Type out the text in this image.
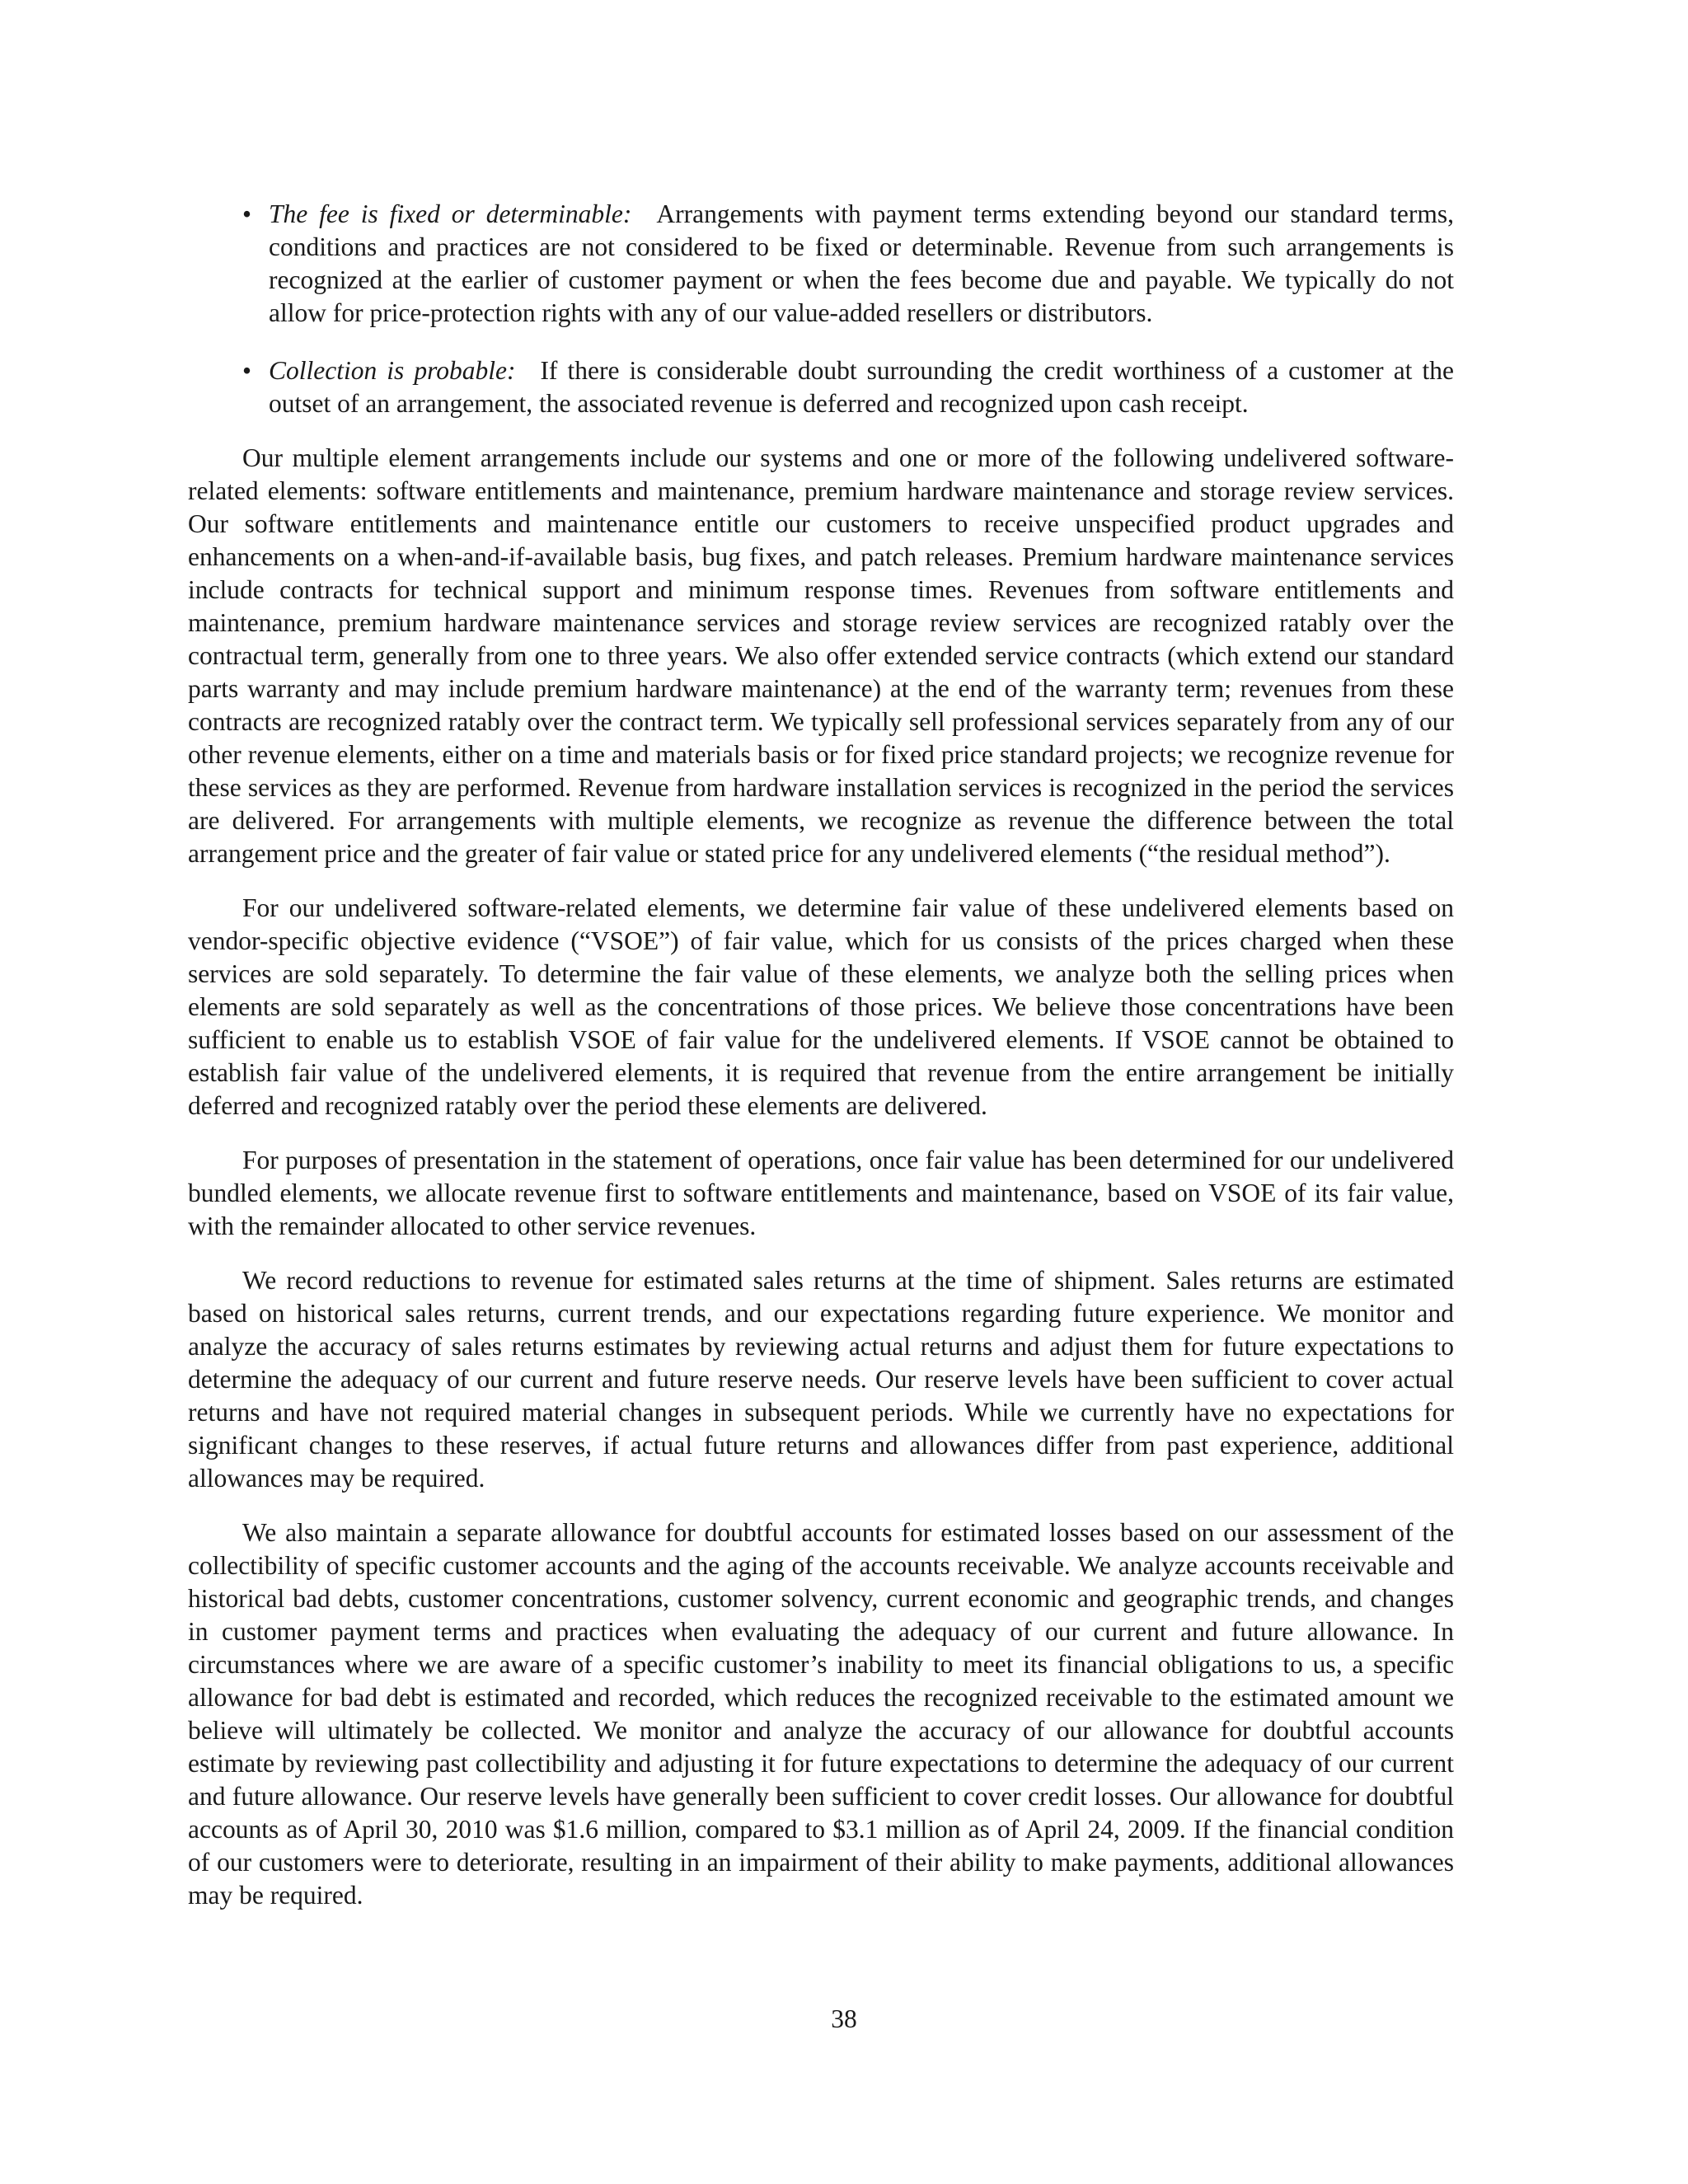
• The fee is fixed or determinable: Arrangements with payment terms extending beyond our standard terms, conditions and practices are not considered to be fixed or determinable. Revenue from such arrangements is recognized at the earlier of customer payment or when the fees become due and payable. We typically do not allow for price-protection rights with any of our value-added resellers or distributors.
• Collection is probable: If there is considerable doubt surrounding the credit worthiness of a customer at the outset of an arrangement, the associated revenue is deferred and recognized upon cash receipt.

Our multiple element arrangements include our systems and one or more of the following undelivered software-related elements: software entitlements and maintenance, premium hardware maintenance and storage review services. Our software entitlements and maintenance entitle our customers to receive unspecified product upgrades and enhancements on a when-and-if-available basis, bug fixes, and patch releases. Premium hardware maintenance services include contracts for technical support and minimum response times. Revenues from software entitlements and maintenance, premium hardware maintenance services and storage review services are recognized ratably over the contractual term, generally from one to three years. We also offer extended service contracts (which extend our standard parts warranty and may include premium hardware maintenance) at the end of the warranty term; revenues from these contracts are recognized ratably over the contract term. We typically sell professional services separately from any of our other revenue elements, either on a time and materials basis or for fixed price standard projects; we recognize revenue for these services as they are performed. Revenue from hardware installation services is recognized in the period the services are delivered. For arrangements with multiple elements, we recognize as revenue the difference between the total arrangement price and the greater of fair value or stated price for any undelivered elements (“the residual method”).

For our undelivered software-related elements, we determine fair value of these undelivered elements based on vendor-specific objective evidence (“VSOE”) of fair value, which for us consists of the prices charged when these services are sold separately. To determine the fair value of these elements, we analyze both the selling prices when elements are sold separately as well as the concentrations of those prices. We believe those concentrations have been sufficient to enable us to establish VSOE of fair value for the undelivered elements. If VSOE cannot be obtained to establish fair value of the undelivered elements, it is required that revenue from the entire arrangement be initially deferred and recognized ratably over the period these elements are delivered.

For purposes of presentation in the statement of operations, once fair value has been determined for our undelivered bundled elements, we allocate revenue first to software entitlements and maintenance, based on VSOE of its fair value, with the remainder allocated to other service revenues.

We record reductions to revenue for estimated sales returns at the time of shipment. Sales returns are estimated based on historical sales returns, current trends, and our expectations regarding future experience. We monitor and analyze the accuracy of sales returns estimates by reviewing actual returns and adjust them for future expectations to determine the adequacy of our current and future reserve needs. Our reserve levels have been sufficient to cover actual returns and have not required material changes in subsequent periods. While we currently have no expectations for significant changes to these reserves, if actual future returns and allowances differ from past experience, additional allowances may be required.

We also maintain a separate allowance for doubtful accounts for estimated losses based on our assessment of the collectibility of specific customer accounts and the aging of the accounts receivable. We analyze accounts receivable and historical bad debts, customer concentrations, customer solvency, current economic and geographic trends, and changes in customer payment terms and practices when evaluating the adequacy of our current and future allowance. In circumstances where we are aware of a specific customer’s inability to meet its financial obligations to us, a specific allowance for bad debt is estimated and recorded, which reduces the recognized receivable to the estimated amount we believe will ultimately be collected. We monitor and analyze the accuracy of our allowance for doubtful accounts estimate by reviewing past collectibility and adjusting it for future expectations to determine the adequacy of our current and future allowance. Our reserve levels have generally been sufficient to cover credit losses. Our allowance for doubtful accounts as of April 30, 2010 was $1.6 million, compared to $3.1 million as of April 24, 2009. If the financial condition of our customers were to deteriorate, resulting in an impairment of their ability to make payments, additional allowances may be required.

38
